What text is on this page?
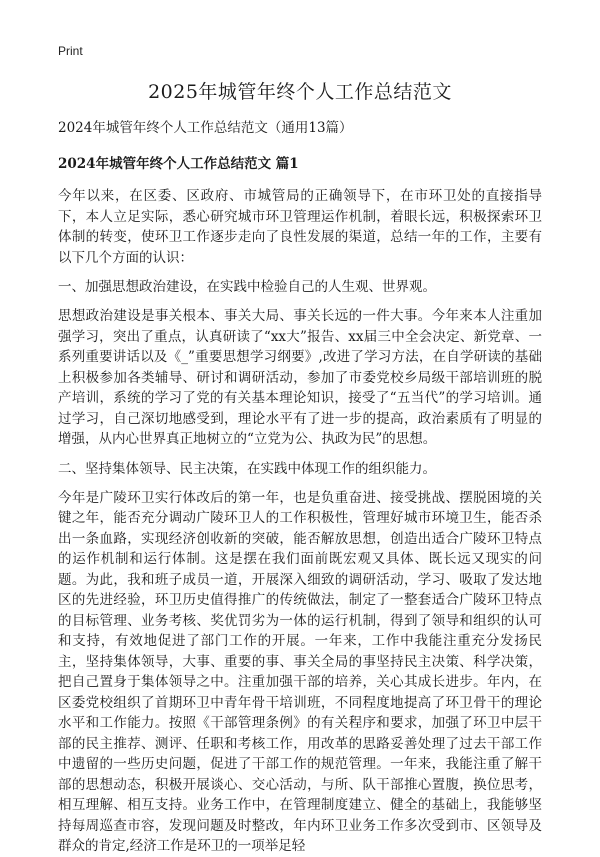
Print
2025年城管年终个人工作总结范文

2024年城管年终个人工作总结范文（通用13篇）

2024年城管年终个人工作总结范文 篇1

今年以来，在区委、区政府、市城管局的正确领导下，在市环卫处的直接指导下，本人立足实际，悉心研究城市环卫管理运作机制，着眼长远，积极探索环卫体制的转变，使环卫工作逐步走向了良性发展的渠道，总结一年的工作，主要有以下几个方面的认识：

一、加强思想政治建设，在实践中检验自己的人生观、世界观。

思想政治建设是事关根本、事关大局、事关长远的一件大事。今年来本人注重加强学习，突出了重点，认真研读了“xx大”报告、xx届三中全会决定、新党章、一系列重要讲话以及《_”重要思想学习纲要》,改进了学习方法，在自学研读的基础上积极参加各类辅导、研讨和调研活动，参加了市委党校乡局级干部培训班的脱产培训，系统的学习了党的有关基本理论知识，接受了“五当代”的学习培训。通过学习，自己深切地感受到，理论水平有了进一步的提高，政治素质有了明显的增强，从内心世界真正地树立的“立党为公、执政为民”的思想。

二、坚持集体领导、民主决策，在实践中体现工作的组织能力。

今年是广陵环卫实行体改后的第一年，也是负重奋进、接受挑战、摆脱困境的关键之年，能否充分调动广陵环卫人的工作积极性，管理好城市环境卫生，能否杀出一条血路，实现经济创收新的突破，能否解放思想，创造出适合广陵环卫特点的运作机制和运行体制。这是摆在我们面前既宏观又具体、既长远又现实的问题。为此，我和班子成员一道，开展深入细致的调研活动，学习、吸取了发达地区的先进经验，环卫历史值得推广的传统做法，制定了一整套适合广陵环卫特点的目标管理、业务考核、奖优罚劣为一体的运行机制，得到了领导和组织的认可和支持，有效地促进了部门工作的开展。一年来，工作中我能注重充分发扬民主，坚持集体领导，大事、重要的事、事关全局的事坚持民主决策、科学决策，把自己置身于集体领导之中。注重加强干部的培养，关心其成长进步。年内，在区委党校组织了首期环卫中青年骨干培训班，不同程度地提高了环卫骨干的理论水平和工作能力。按照《干部管理条例》的有关程序和要求，加强了环卫中层干部的民主推荐、测评、任职和考核工作，用改革的思路妥善处理了过去干部工作中遗留的一些历史问题，促进了干部工作的规范管理。一年来，我能注重了解干部的思想动态，积极开展谈心、交心活动，与所、队干部推心置腹，换位思考，相互理解、相互支持。业务工作中，在管理制度建立、健全的基础上，我能够坚持每周巡查市容，发现问题及时整改，年内环卫业务工作多次受到市、区领导及群众的肯定,经济工作是环卫的一项举足轻
